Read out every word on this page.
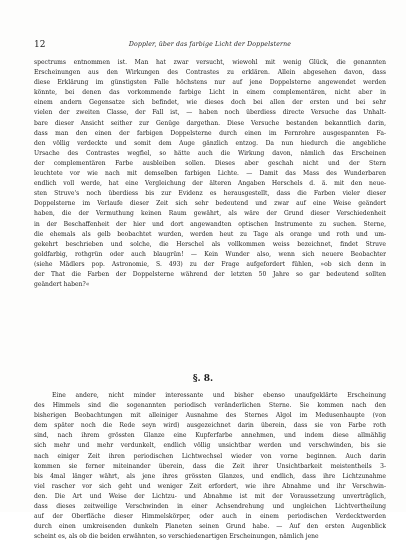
12	Doppler, über das farbige Licht der Doppelsterne
spectrums entnommen ist. Man hat zwar versucht, wiewohl mit wenig Glück, die genannten
Erscheinungen aus den Wirkungen des Contrastes zu erklären. Allein abgesehen davon, dass
diese Erklärung im günstigsten Falle höchstens nur auf jene Doppelsterne angewendet werden
könnte, bei denen das vorkommende farbige Licht in einem complementären, nicht aber in
einem andern Gegensatze sich befindet, wie dieses doch bei allen der ersten und bei sehr
vielen der zweiten Classe, der Fall ist, — haben noch überdiess directe Versuche das Unhalt-
bare dieser Ansicht seither zur Genüge dargethan. Diese Versuche bestanden bekanntlich darin,
dass man den einen der farbigen Doppelsterne durch einen im Fernrohre ausgespannten Fa-
den völlig verdeckte und somit dem Auge gänzlich entzog. Da nun hiedurch die angebliche
Ursache des Contrastes wegfiel, so hätte auch die Wirkung davon, nämlich das Erscheinen
der complementären Farbe ausbleiben sollen. Dieses aber geschah nicht und der Stern
leuchtete vor wie nach mit demselben farbigen Lichte. — Damit das Mass des Wunderbaren
endlich voll werde, hat eine Vergleichung der älteren Angaben Herschels d. ä. mit den neue-
sten Struve's noch überdiess bis zur Evidenz es herausgestellt, dass die Farben vieler dieser
Doppelsterne im Verlaufe dieser Zeit sich sehr bedeutend und zwar auf eine Weise geändert
haben, die der Vermuthung keinen Raum gewährt, als wäre der Grund dieser Verschiedenheit
in der Beschaffenheit der hier und dort angewandten optischen Instrumente zu suchen. Sterne,
die ehemals als gelb beobachtet wurden, werden heut zu Tage als orange und roth und um-
gekehrt beschrieben und solche, die Herschel als vollkommen weiss bezeichnet, findet Struve
goldfarbig, rothgrün oder auch blaugrün! — Kein Wunder also, wenn sich neuere Beobachter
(siehe Mädlers pop. Astronomie, S. 493) zu der Frage aufgefordert fühlen, »ob sich denn in
der That die Farben der Doppelsterne während der letzten 50 Jahre so gar bedeutend sollten
geändert haben?«
§. 8.
Eine andere, nicht minder interessante und bisher ebenso unaufgeklärte Erscheinung
des Himmels sind die sogenannten periodisch veränderlichen Sterne. Sie kommen nach den
bisherigen Beobachtungen mit alleiniger Ausnahme des Sternes Algol im Medusenhaupte (von
dem später noch die Rede seyn wird) ausgezeichnet darin überein, dass sie von Farbe roth
sind, nach ihrem grössten Glanze eine Kupferfarbe annehmen, und indem diese allmählig
sich mehr und mehr verdunkelt, endlich völlig unsichtbar werden und verschwinden, bis sie
nach einiger Zeit ihren periodischen Lichtwechsel wieder von vorne beginnen. Auch darin
kommen sie ferner miteinander überein, dass die Zeit ihrer Unsichtbarkeit meistentheils 3-
bis 4mal länger währt, als jene ihres grössten Glanzes, und endlich, dass ihre Lichtzunahme
viel rascher vor sich geht und weniger Zeit erfordert, wie ihre Abnahme und ihr Verschwin-
den. Die Art und Weise der Lichtzu- und Abnahme ist mit der Voraussetzung unverträglich,
dass dieses zeitweilige Verschwinden in einer Achsendrehung und ungleichen Lichtvertheilung
auf der Oberfläche dieser Himmelskörper, oder auch in einem periodischen Verdecktwerden
durch einen umkreisenden dunkeln Planeten seinen Grund habe. — Auf den ersten Augenblick
scheint es, als ob die beiden erwähnten, so verschiedenartigen Erscheinungen, nämlich jene
